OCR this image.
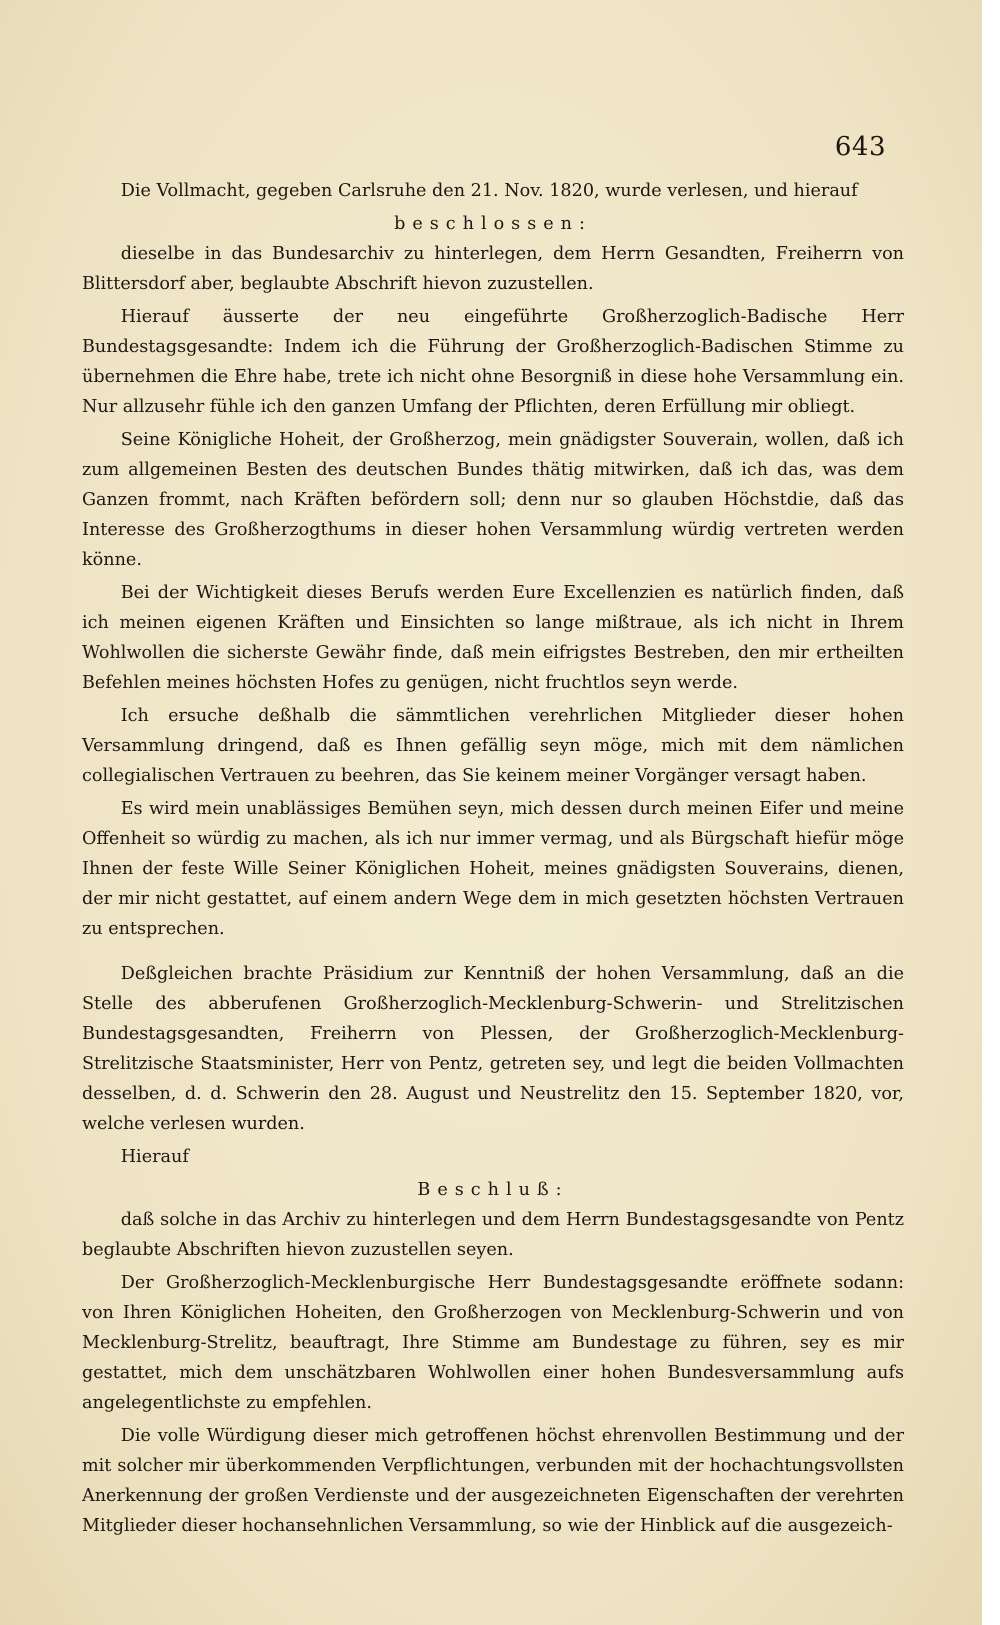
643

Die Vollmacht, gegeben Carlsruhe den 21. Nov. 1820, wurde verlesen, und hierauf

beschlossen:

dieselbe in das Bundesarchiv zu hinterlegen, dem Herrn Gesandten, Freiherrn von Blittersdorf aber, beglaubte Abschrift hievon zuzustellen.

Hierauf äusserte der neu eingeführte Großherzoglich-Badische Herr Bundestagsgesandte: Indem ich die Führung der Großherzoglich-Badischen Stimme zu übernehmen die Ehre habe, trete ich nicht ohne Besorgniß in diese hohe Versammlung ein. Nur allzusehr fühle ich den ganzen Umfang der Pflichten, deren Erfüllung mir obliegt.

Seine Königliche Hoheit, der Großherzog, mein gnädigster Souverain, wollen, daß ich zum allgemeinen Besten des deutschen Bundes thätig mitwirken, daß ich das, was dem Ganzen frommt, nach Kräften befördern soll; denn nur so glauben Höchstdie, daß das Interesse des Großherzogthums in dieser hohen Versammlung würdig vertreten werden könne.

Bei der Wichtigkeit dieses Berufs werden Eure Excellenzien es natürlich finden, daß ich meinen eigenen Kräften und Einsichten so lange mißtraue, als ich nicht in Ihrem Wohlwollen die sicherste Gewähr finde, daß mein eifrigstes Bestreben, den mir ertheilten Befehlen meines höchsten Hofes zu genügen, nicht fruchtlos seyn werde.

Ich ersuche deßhalb die sämmtlichen verehrlichen Mitglieder dieser hohen Versammlung dringend, daß es Ihnen gefällig seyn möge, mich mit dem nämlichen collegialischen Vertrauen zu beehren, das Sie keinem meiner Vorgänger versagt haben.

Es wird mein unablässiges Bemühen seyn, mich dessen durch meinen Eifer und meine Offenheit so würdig zu machen, als ich nur immer vermag, und als Bürgschaft hiefür möge Ihnen der feste Wille Seiner Königlichen Hoheit, meines gnädigsten Souverains, dienen, der mir nicht gestattet, auf einem andern Wege dem in mich gesetzten höchsten Vertrauen zu entsprechen.

Deßgleichen brachte Präsidium zur Kenntniß der hohen Versammlung, daß an die Stelle des abberufenen Großherzoglich-Mecklenburg-Schwerin- und Strelitzischen Bundestagsgesandten, Freiherrn von Plessen, der Großherzoglich-Mecklenburg-Strelitzische Staatsminister, Herr von Pentz, getreten sey, und legt die beiden Vollmachten desselben, d. d. Schwerin den 28. August und Neustrelitz den 15. September 1820, vor, welche verlesen wurden.

Hierauf

Beschluß:

daß solche in das Archiv zu hinterlegen und dem Herrn Bundestagsgesandte von Pentz beglaubte Abschriften hievon zuzustellen seyen.

Der Großherzoglich-Mecklenburgische Herr Bundestagsgesandte eröffnete sodann: von Ihren Königlichen Hoheiten, den Großherzogen von Mecklenburg-Schwerin und von Mecklenburg-Strelitz, beauftragt, Ihre Stimme am Bundestage zu führen, sey es mir gestattet, mich dem unschätzbaren Wohlwollen einer hohen Bundesversammlung aufs angelegentlichste zu empfehlen.

Die volle Würdigung dieser mich getroffenen höchst ehrenvollen Bestimmung und der mit solcher mir überkommenden Verpflichtungen, verbunden mit der hochachtungsvollsten Anerkennung der großen Verdienste und der ausgezeichneten Eigenschaften der verehrten Mitglieder dieser hochansehnlichen Versammlung, so wie der Hinblick auf die ausgezeich-
